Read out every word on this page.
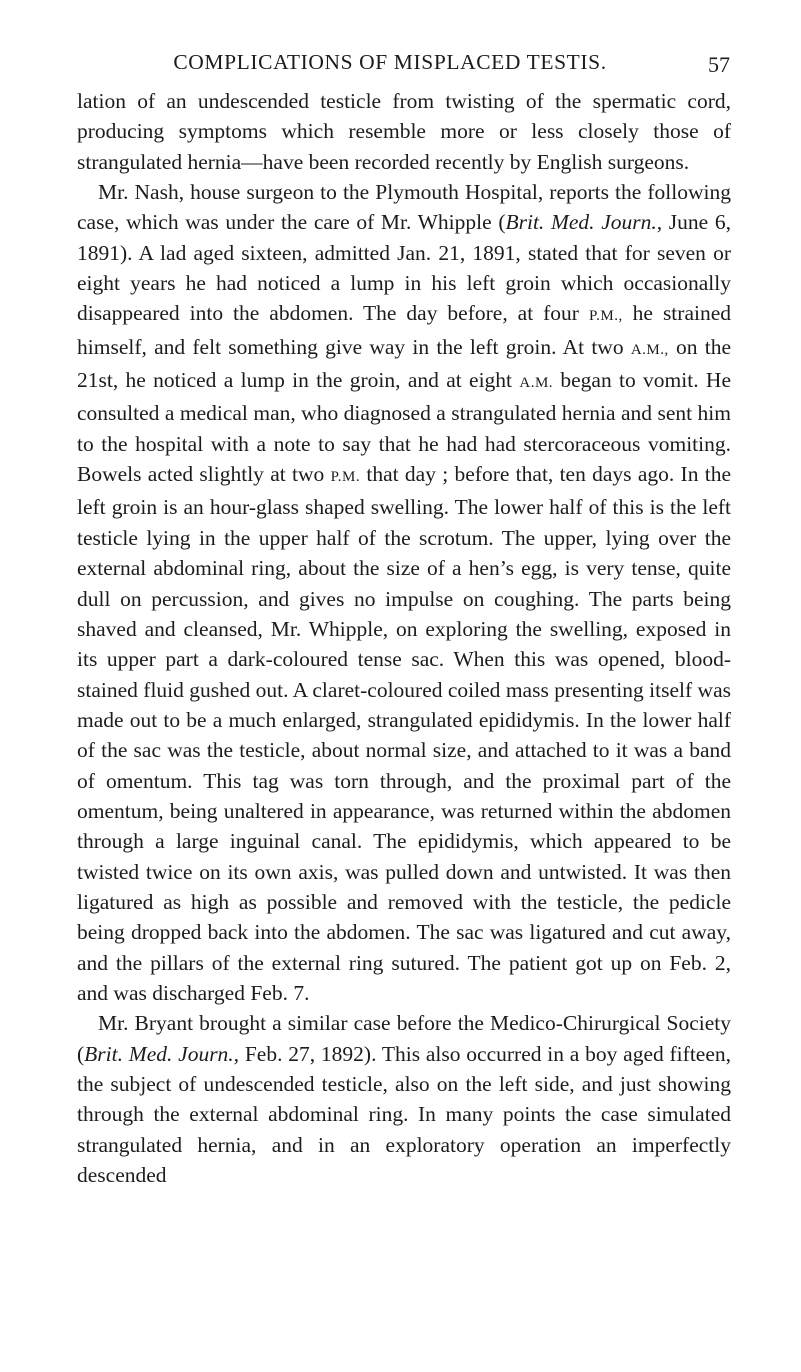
COMPLICATIONS OF MISPLACED TESTIS.	57

lation of an undescended testicle from twisting of the spermatic cord, producing symptoms which resemble more or less closely those of strangulated hernia—have been recorded recently by English surgeons.

Mr. Nash, house surgeon to the Plymouth Hospital, reports the following case, which was under the care of Mr. Whipple (Brit. Med. Journ., June 6, 1891). A lad aged sixteen, admitted Jan. 21, 1891, stated that for seven or eight years he had noticed a lump in his left groin which occasionally disappeared into the abdomen. The day before, at four P.M., he strained himself, and felt something give way in the left groin. At two A.M., on the 21st, he noticed a lump in the groin, and at eight A.M. began to vomit. He consulted a medical man, who diagnosed a strangulated hernia and sent him to the hospital with a note to say that he had had stercoraceous vomiting. Bowels acted slightly at two P.M. that day ; before that, ten days ago. In the left groin is an hour-glass shaped swelling. The lower half of this is the left testicle lying in the upper half of the scrotum. The upper, lying over the external abdominal ring, about the size of a hen’s egg, is very tense, quite dull on percussion, and gives no impulse on coughing. The parts being shaved and cleansed, Mr. Whipple, on exploring the swelling, exposed in its upper part a dark-coloured tense sac. When this was opened, blood-stained fluid gushed out. A claret-coloured coiled mass presenting itself was made out to be a much enlarged, strangulated epididymis. In the lower half of the sac was the testicle, about normal size, and attached to it was a band of omentum. This tag was torn through, and the proximal part of the omentum, being unaltered in appearance, was returned within the abdomen through a large inguinal canal. The epididymis, which appeared to be twisted twice on its own axis, was pulled down and untwisted. It was then ligatured as high as possible and removed with the testicle, the pedicle being dropped back into the abdomen. The sac was ligatured and cut away, and the pillars of the external ring sutured. The patient got up on Feb. 2, and was discharged Feb. 7.

Mr. Bryant brought a similar case before the Medico-Chirurgical Society (Brit. Med. Journ., Feb. 27, 1892). This also occurred in a boy aged fifteen, the subject of undescended testicle, also on the left side, and just showing through the external abdominal ring. In many points the case simulated strangulated hernia, and in an exploratory operation an imperfectly descended
